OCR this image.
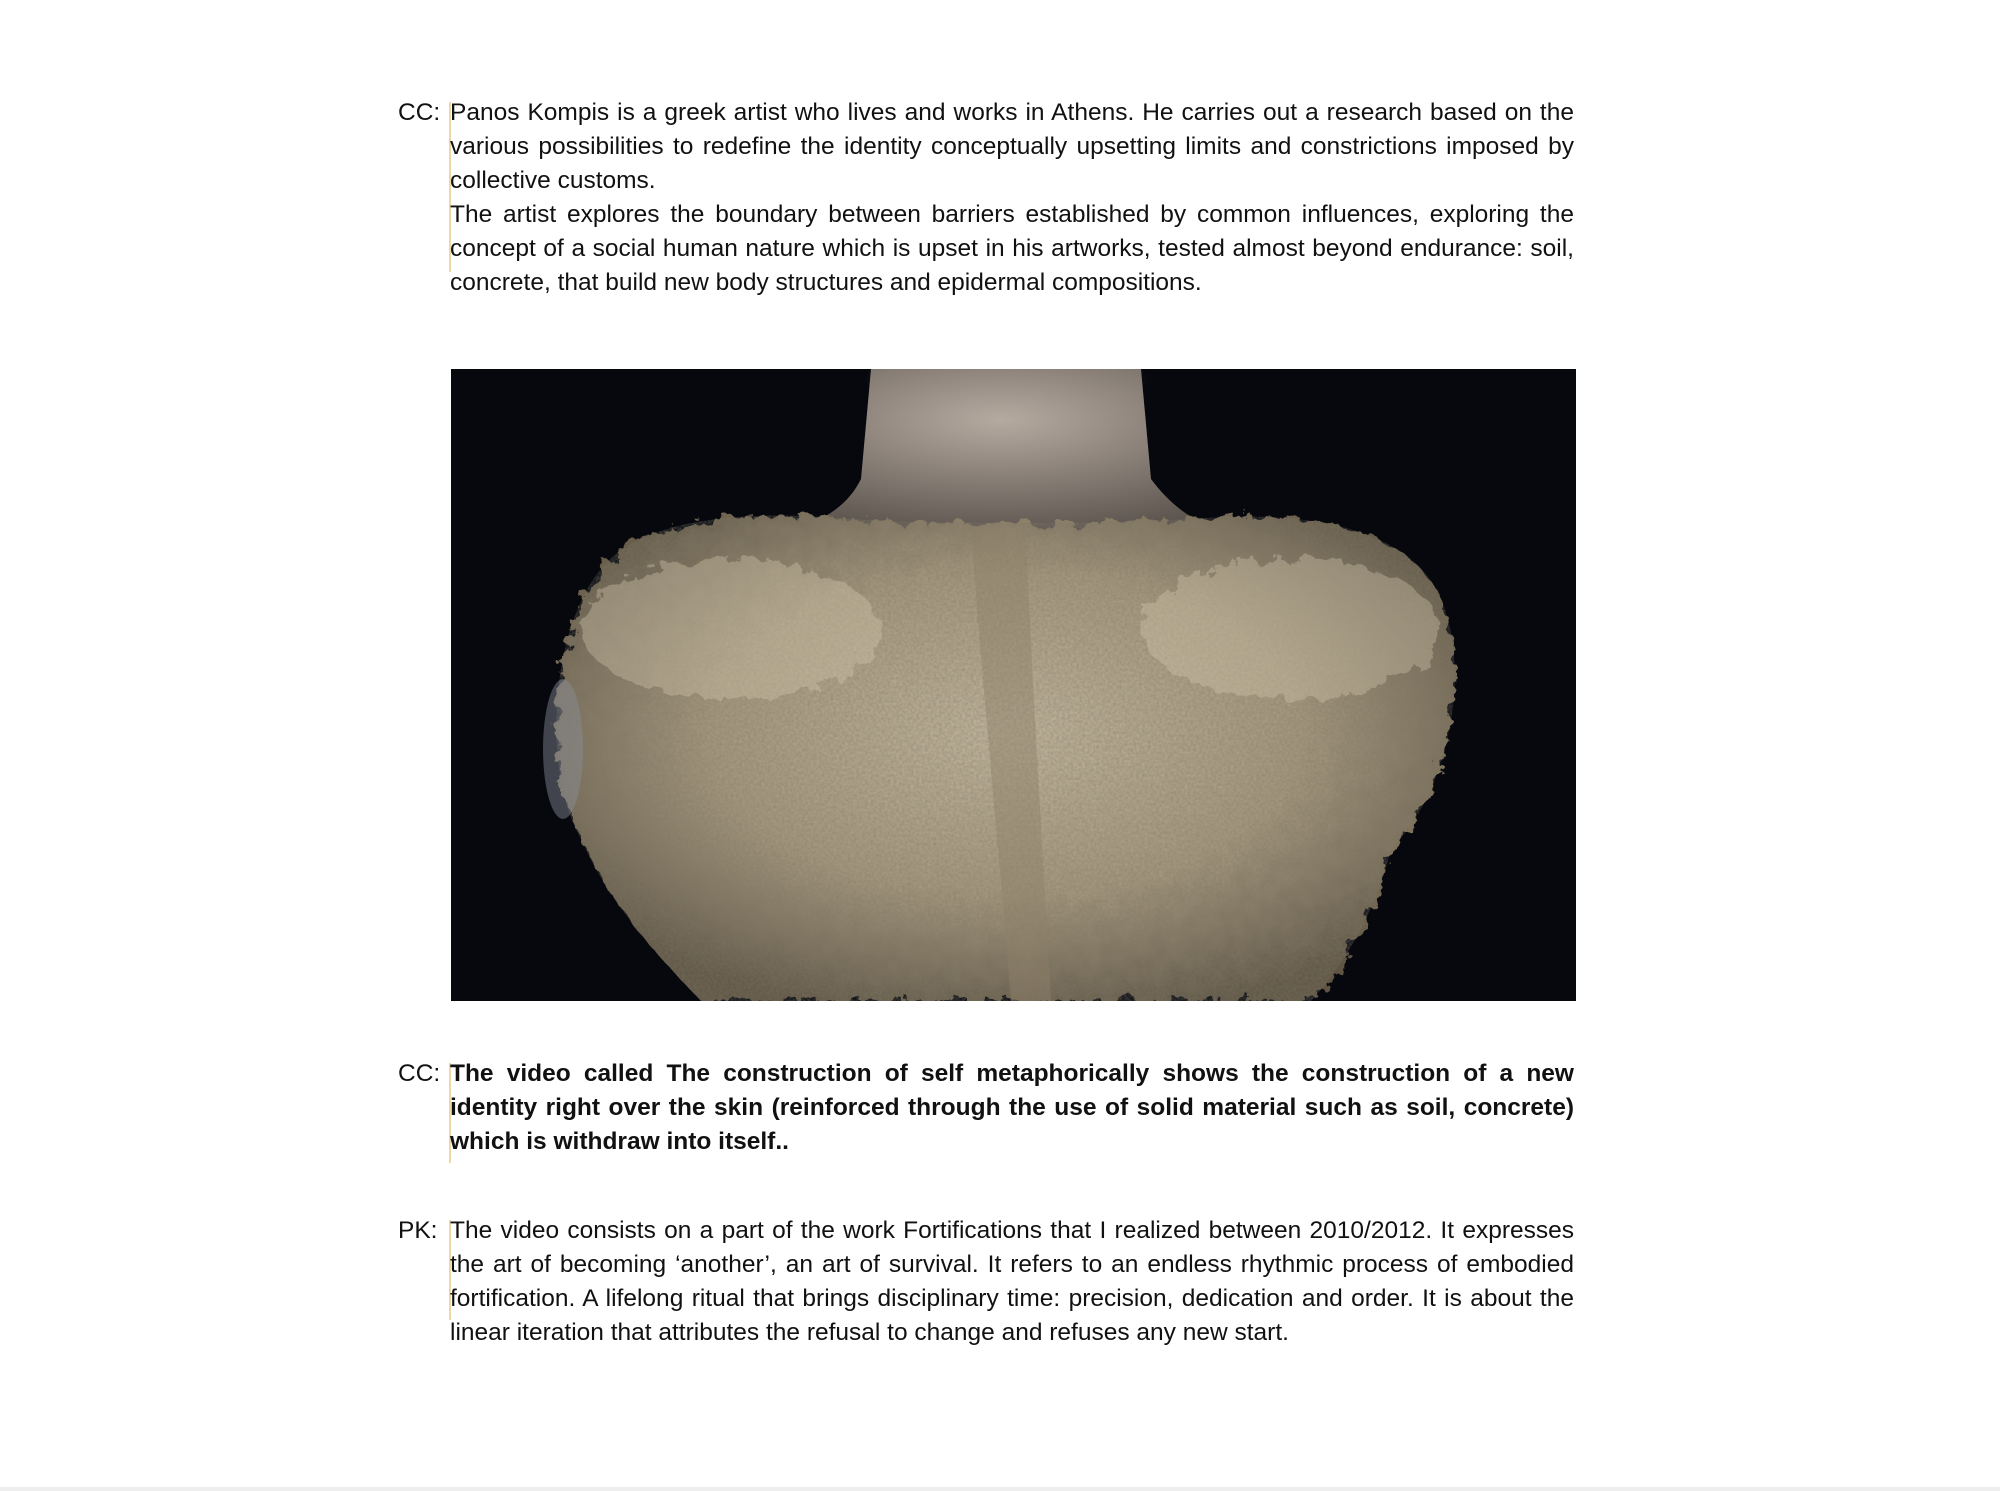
CC: Panos Kompis is a greek artist who lives and works in Athens. He carries out a research based on the various possibilities to redefine the identity conceptually upsetting limits and constrictions imposed by collective customs.

The artist explores the boundary between barriers established by common influences, exploring the concept of a social human nature which is upset in his artworks, tested almost beyond endurance: soil, concrete, that build new body structures and epidermal compositions.

CC: The video called The construction of self metaphorically shows the construction of a new identity right over the skin (reinforced through the use of solid material such as soil, concrete) which is withdraw into itself..
PK: The video consists on a part of the work Fortifications that I realized between 2010/2012. It expresses the art of becoming ‘another’, an art of survival. It refers to an endless rhythmic process of embodied fortification. A lifelong ritual that brings disciplinary time: precision, dedication and order. It is about the linear iteration that attributes the refusal to change and refuses any new start.
